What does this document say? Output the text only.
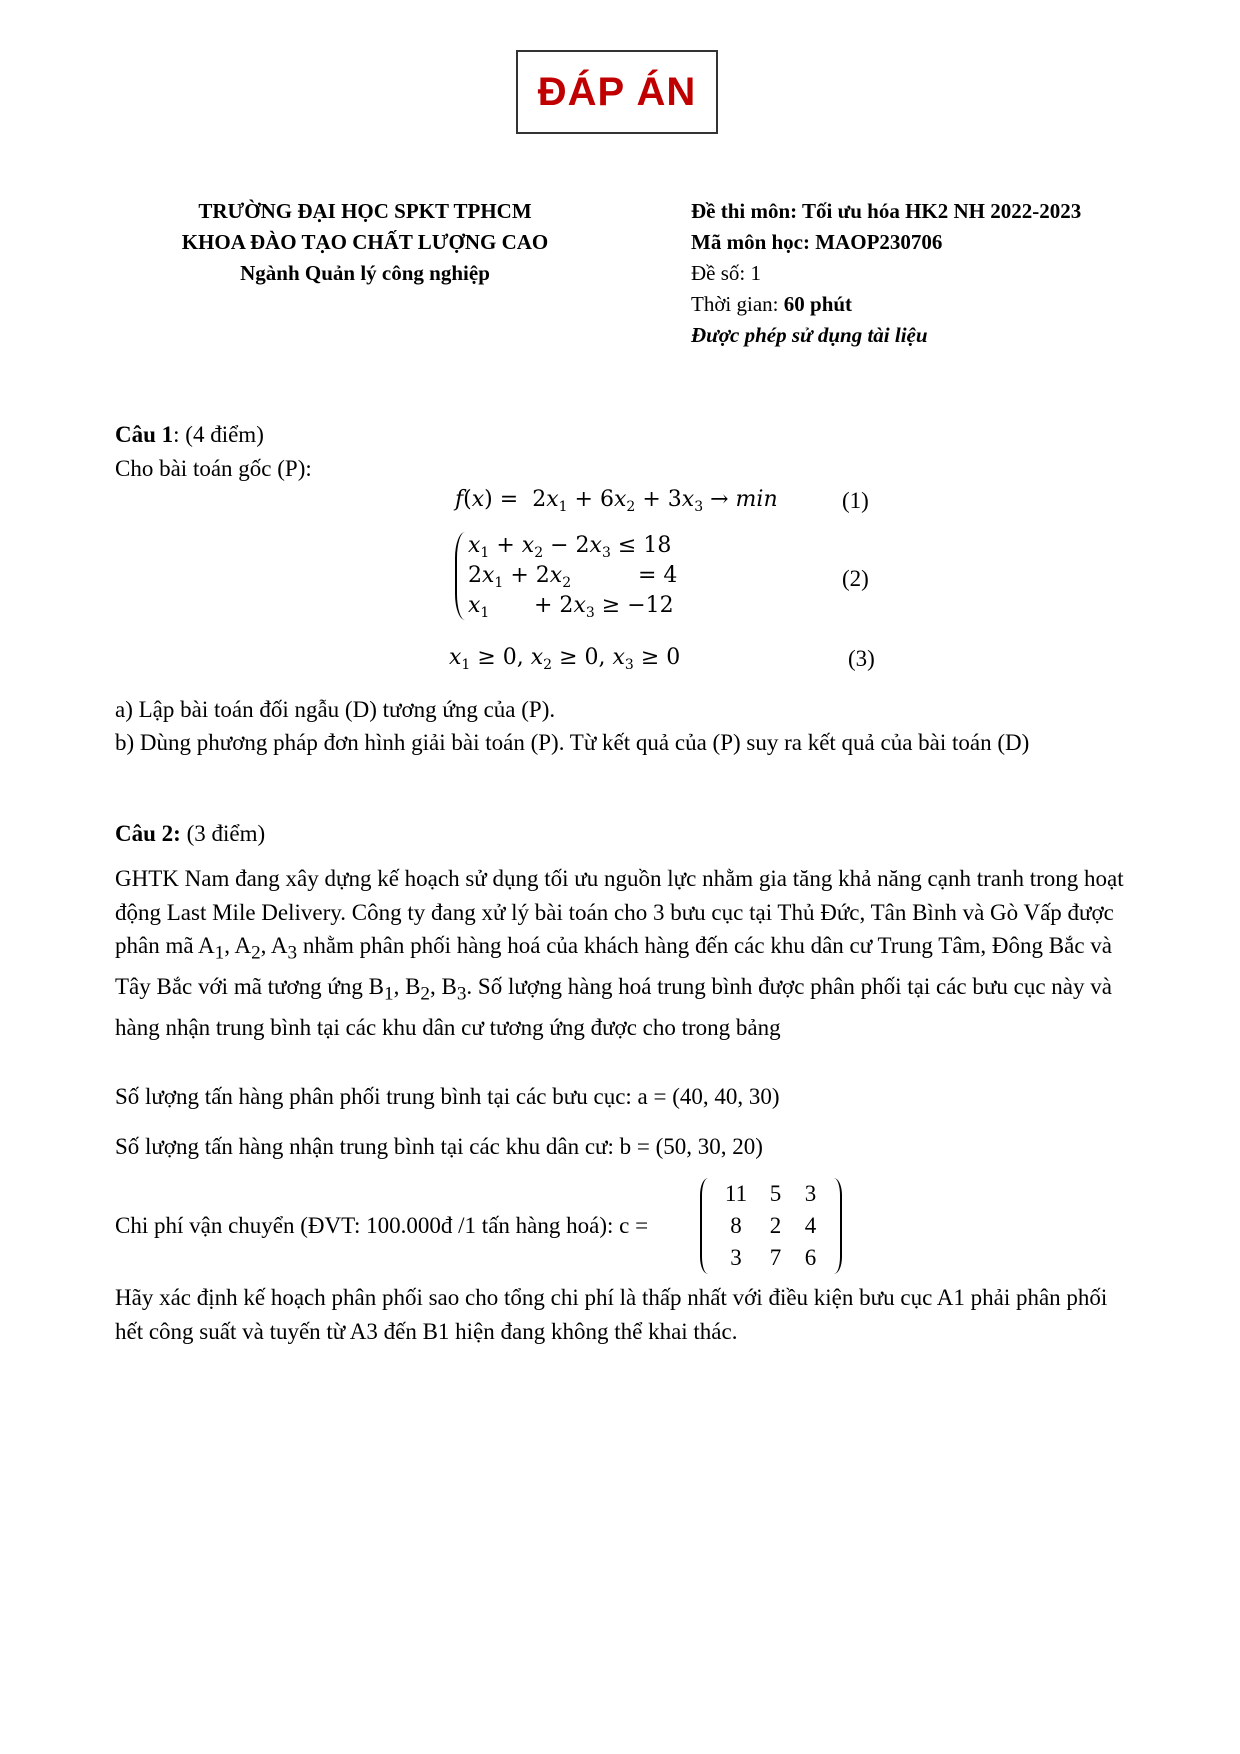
ĐÁP ÁN
TRƯỜNG ĐẠI HỌC SPKT TPHCM
KHOA ĐÀO TẠO CHẤT LƯỢNG CAO
Ngành Quản lý công nghiệp
Đề thi môn: Tối ưu hóa HK2 NH 2022-2023
Mã môn học: MAOP230706
Đề số: 1
Thời gian: 60 phút
Được phép sử dụng tài liệu
Câu 1: (4 điểm)
Cho bài toán gốc (P):
$f(x) = 2x_1 + 6x_2 + 3x_3 \to \min$	(1)
$x_1 + x_2 - 2x_3 \le 18$
$2x_1 + 2x_2$	= 4
$x_1 + 2x_3 \ge -12$
(2)
$x_1 \ge 0$, $x_2 \ge 0$, $x_3 \ge 0$	(3)
a) Lập bài toán đối ngẫu (D) tương ứng của (P).
b) Dùng phương pháp đơn hình giải bài toán (P). Từ kết quả của (P) suy ra kết quả của bài toán (D)
Câu 2: (3 điểm)
GHTK Nam đang xây dựng kế hoạch sử dụng tối ưu nguồn lực nhằm gia tăng khả năng cạnh tranh trong hoạt động Last Mile Delivery. Công ty đang xử lý bài toán cho 3 bưu cục tại Thủ Đức, Tân Bình và Gò Vấp được phân mã $A_1$, $A_2$, $A_3$ nhằm phân phối hàng hoá của khách hàng đến các khu dân cư Trung Tâm, Đông Bắc và Tây Bắc với mã tương ứng $B_1$, $B_2$, $B_3$. Số lượng hàng hoá trung bình được phân phối tại các bưu cục này và hàng nhận trung bình tại các khu dân cư tương ứng được cho trong bảng
Số lượng tấn hàng phân phối trung bình tại các bưu cục: a = (40, 40, 30)
Số lượng tấn hàng nhận trung bình tại các khu dân cư: b = (50, 30, 20)
Chi phí vận chuyển (ĐVT: 100.000đ /1 tấn hàng hoá): c =
11 5	3
8	2	4
3	7	6
Hãy xác định kế hoạch phân phối sao cho tổng chi phí là thấp nhất với điều kiện bưu cục A1 phải phân phối hết công suất và tuyến từ A3 đến B1 hiện đang không thể khai thác.
